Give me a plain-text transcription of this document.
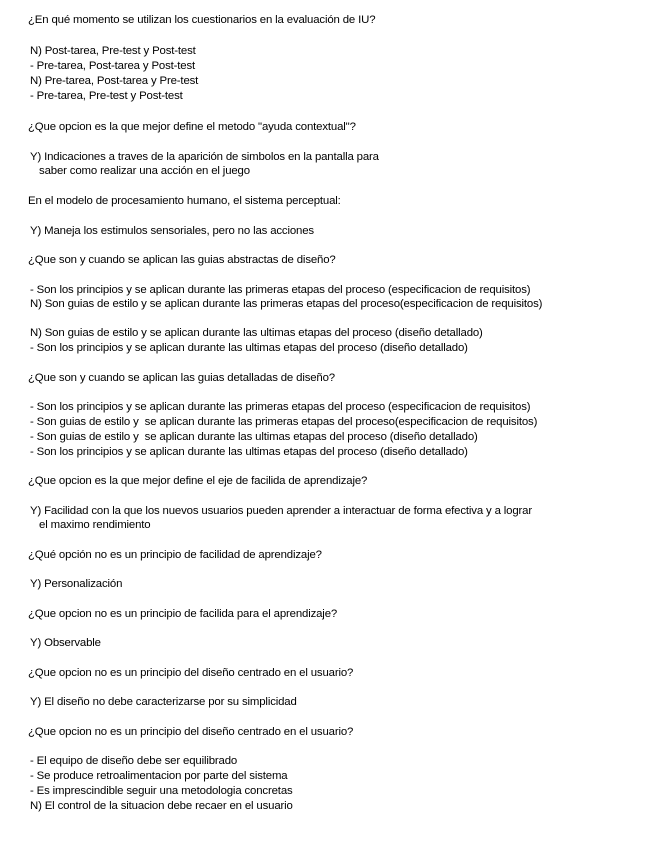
¿En qué momento se utilizan los cuestionarios en la evaluación de IU?
N) Post-tarea, Pre-test y Post-test
- Pre-tarea, Post-tarea y Post-test
N) Pre-tarea, Post-tarea y Pre-test
- Pre-tarea, Pre-test y Post-test
¿Que opcion es la que mejor define el metodo "ayuda contextual"?
Y) Indicaciones a traves de la aparición de simbolos en la pantalla para
saber como realizar una acción en el juego
En el modelo de procesamiento humano, el sistema perceptual:
Y) Maneja los estimulos sensoriales, pero no las acciones
¿Que son y cuando se aplican las guias abstractas de diseño?
- Son los principios y se aplican durante las primeras etapas del proceso (especificacion de requisitos)
N) Son guias de estilo y se aplican durante las primeras etapas del proceso(especificacion de requisitos)
N) Son guias de estilo y se aplican durante las ultimas etapas del proceso (diseño detallado)
- Son los principios y se aplican durante las ultimas etapas del proceso (diseño detallado)
¿Que son y cuando se aplican las guias detalladas de diseño?
- Son los principios y se aplican durante las primeras etapas del proceso (especificacion de requisitos)
- Son guias de estilo y  se aplican durante las primeras etapas del proceso(especificacion de requisitos)
- Son guias de estilo y  se aplican durante las ultimas etapas del proceso (diseño detallado)
- Son los principios y se aplican durante las ultimas etapas del proceso (diseño detallado)
¿Que opcion es la que mejor define el eje de facilida de aprendizaje?
Y) Facilidad con la que los nuevos usuarios pueden aprender a interactuar de forma efectiva y a lograr
el maximo rendimiento
¿Qué opción no es un principio de facilidad de aprendizaje?
Y) Personalización
¿Que opcion no es un principio de facilida para el aprendizaje?
Y) Observable
¿Que opcion no es un principio del diseño centrado en el usuario?
Y) El diseño no debe caracterizarse por su simplicidad
¿Que opcion no es un principio del diseño centrado en el usuario?
- El equipo de diseño debe ser equilibrado
- Se produce retroalimentacion por parte del sistema
- Es imprescindible seguir una metodologia concretas
N) El control de la situacion debe recaer en el usuario
